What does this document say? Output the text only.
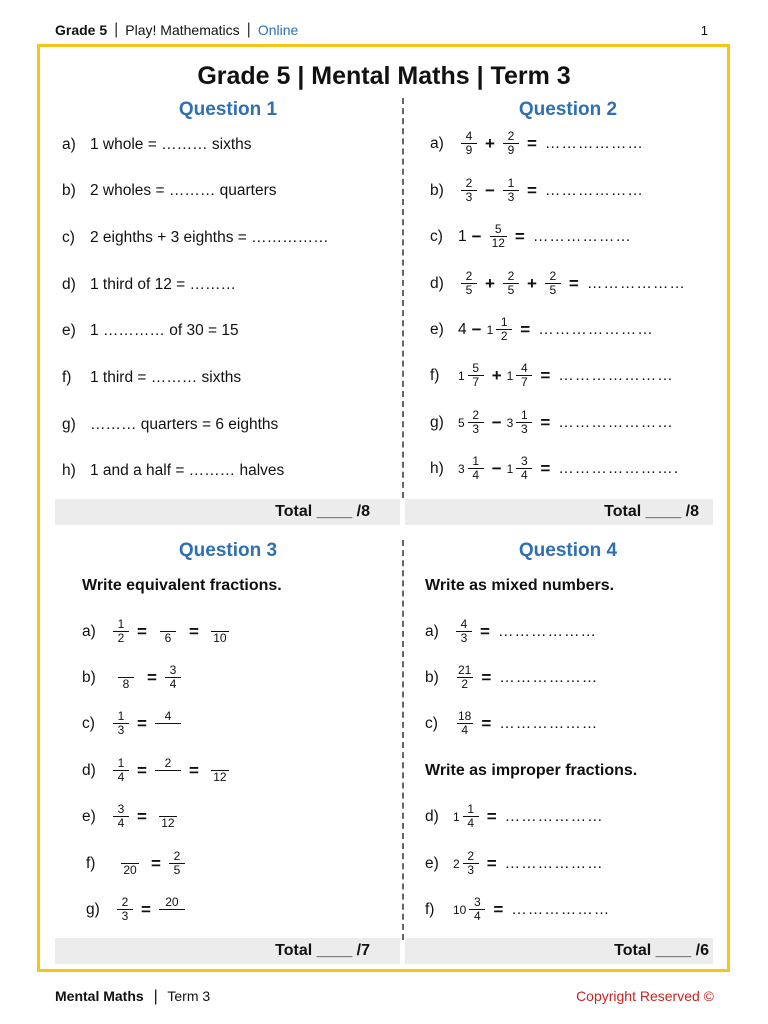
Grade 5 | Play! Mathematics | Online	1
Grade 5 | Mental Maths | Term 3
Question 1
a) 1 whole = ……… sixths
b) 2 wholes = ……… quarters
c) 2 eighths + 3 eighths = ……………
d) 1 third of 12 = ………
e) 1 ………… of 30 = 15
f)	1 third = ……… sixths
g) ……… quarters = 6 eighths
h) 1 and a half = ……… halves
Total ____ /8
Question 2
a)	$\frac{4}{9} + \frac{2}{9}$ = ………………
b)	$\frac{2}{3} - \frac{1}{3}$ = ………………
c) $1 - \frac{5}{12}$ = ………………
d)	$\frac{2}{5} + \frac{2}{5} + \frac{2}{5}$ = ………………
e) $4 - 1 \frac{1}{2}$ = …………………
f)	$1 \frac{5}{7} + 1 \frac{4}{7}$ = …………………
g)	$5 \frac{2}{3} - 3 \frac{1}{3}$ = …………………
h)	$3 \frac{1}{4} - 1 \frac{3}{4}$ = ………………….
Total ____ /8
Question 3
Write equivalent fractions.
a)	$\frac{1}{2}$ =	6 = 10
b)	$8 = \frac{3}{4}$
c)	$\frac{1}{3} = 4$
d)	$\frac{1}{4} = 2 = 12$
e)	$\frac{3}{4} = 12$
f)	$20 = \frac{2}{5}$
g)	$\frac{2}{3} = 20$
Total ____ /7
Question 4
Write as mixed numbers.
a)	$\frac{4}{3}$ = ………………
b)	$\frac{21}{2}$ = ………………
c)	$\frac{18}{4}$ = ………………
Write as improper fractions.
d)	$1 \frac{1}{4}$ = ………………
e)	$2 \frac{2}{3}$ = ………………
f)	$10 \frac{3}{4}$ = ………………
Total ____ /6
Mental Maths | Term 3	Copyright Reserved ©
